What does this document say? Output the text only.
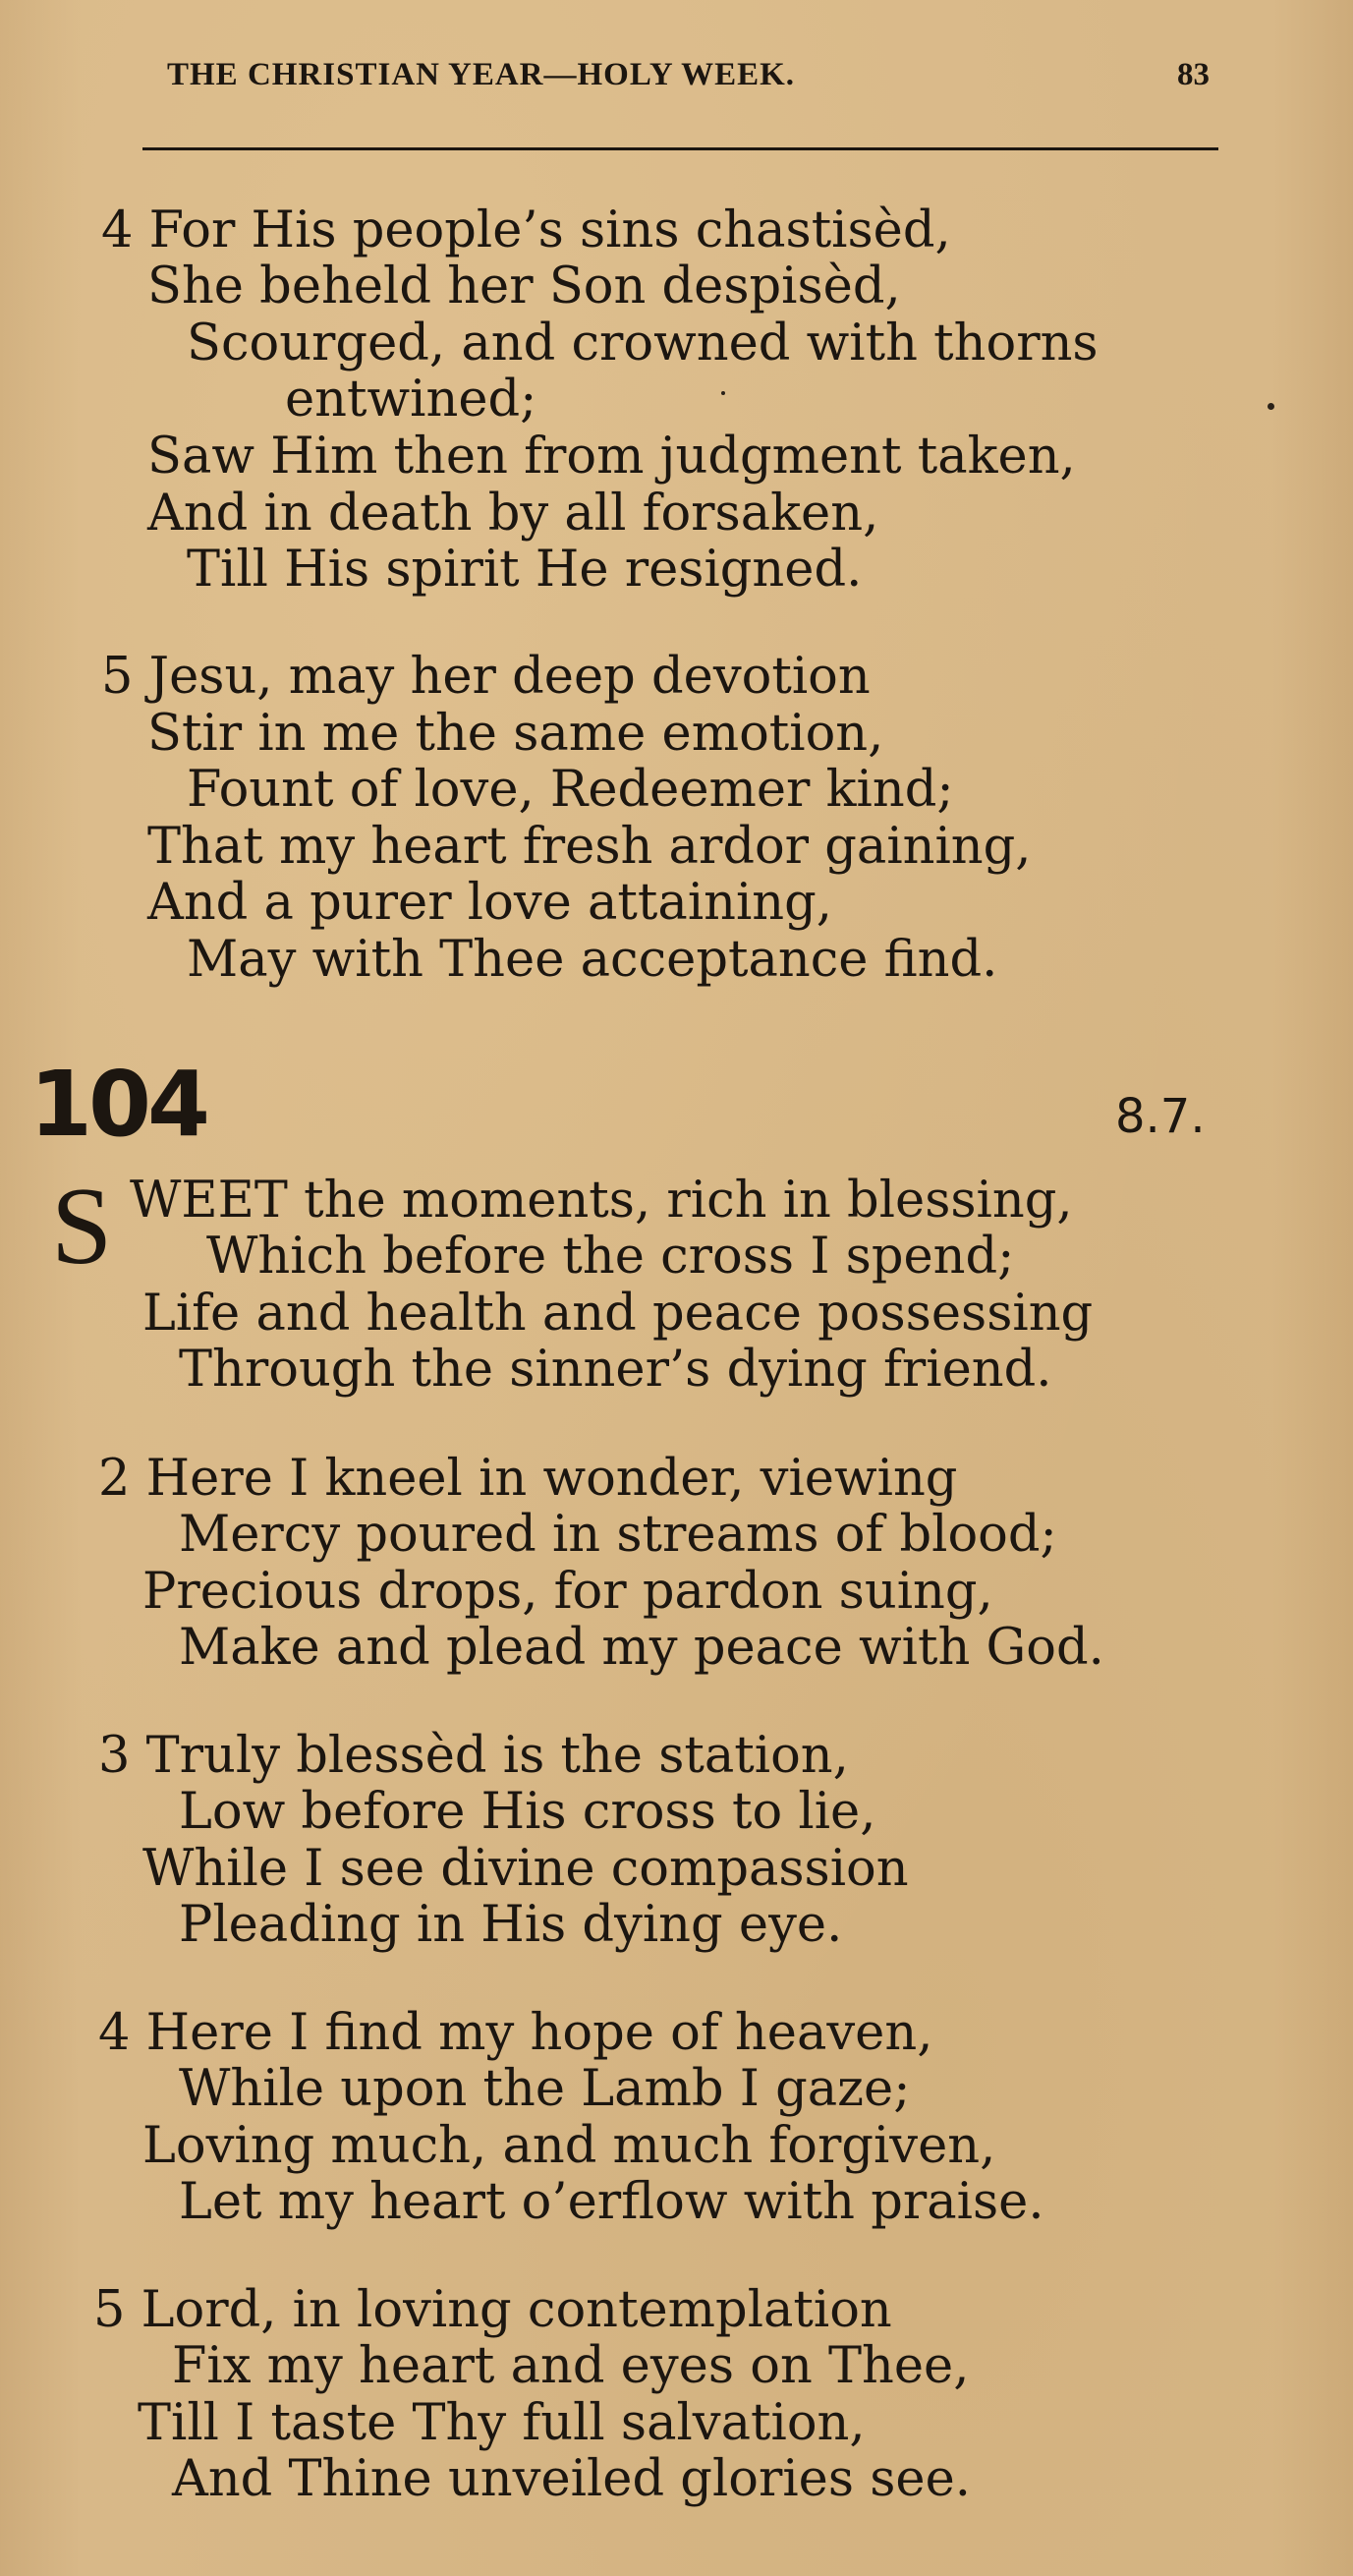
THE CHRISTIAN YEAR—HOLY WEEK.	83
4 For His people’s sins chastisèd,
She beheld her Son despisèd,
Scourged, and crowned with thorns
entwined;
Saw Him then from judgment taken,
And in death by all forsaken,
Till His spirit He resigned.
5 Jesu, may her deep devotion
Stir in me the same emotion,
Fount of love, Redeemer kind;
That my heart fresh ardor gaining,
And a purer love attaining,
May with Thee acceptance find.
104	8.7.
S WEET the moments, rich in blessing,
Which before the cross I spend;
Life and health and peace possessing
Through the sinner’s dying friend.
2 Here I kneel in wonder, viewing
Mercy poured in streams of blood;
Precious drops, for pardon suing,
Make and plead my peace with God.
3 Truly blessèd is the station,
Low before His cross to lie,
While I see divine compassion
Pleading in His dying eye.
4 Here I find my hope of heaven,
While upon the Lamb I gaze;
Loving much, and much forgiven,
Let my heart o’erflow with praise.
5 Lord, in loving contemplation
Fix my heart and eyes on Thee,
Till I taste Thy full salvation,
And Thine unveiled glories see.
